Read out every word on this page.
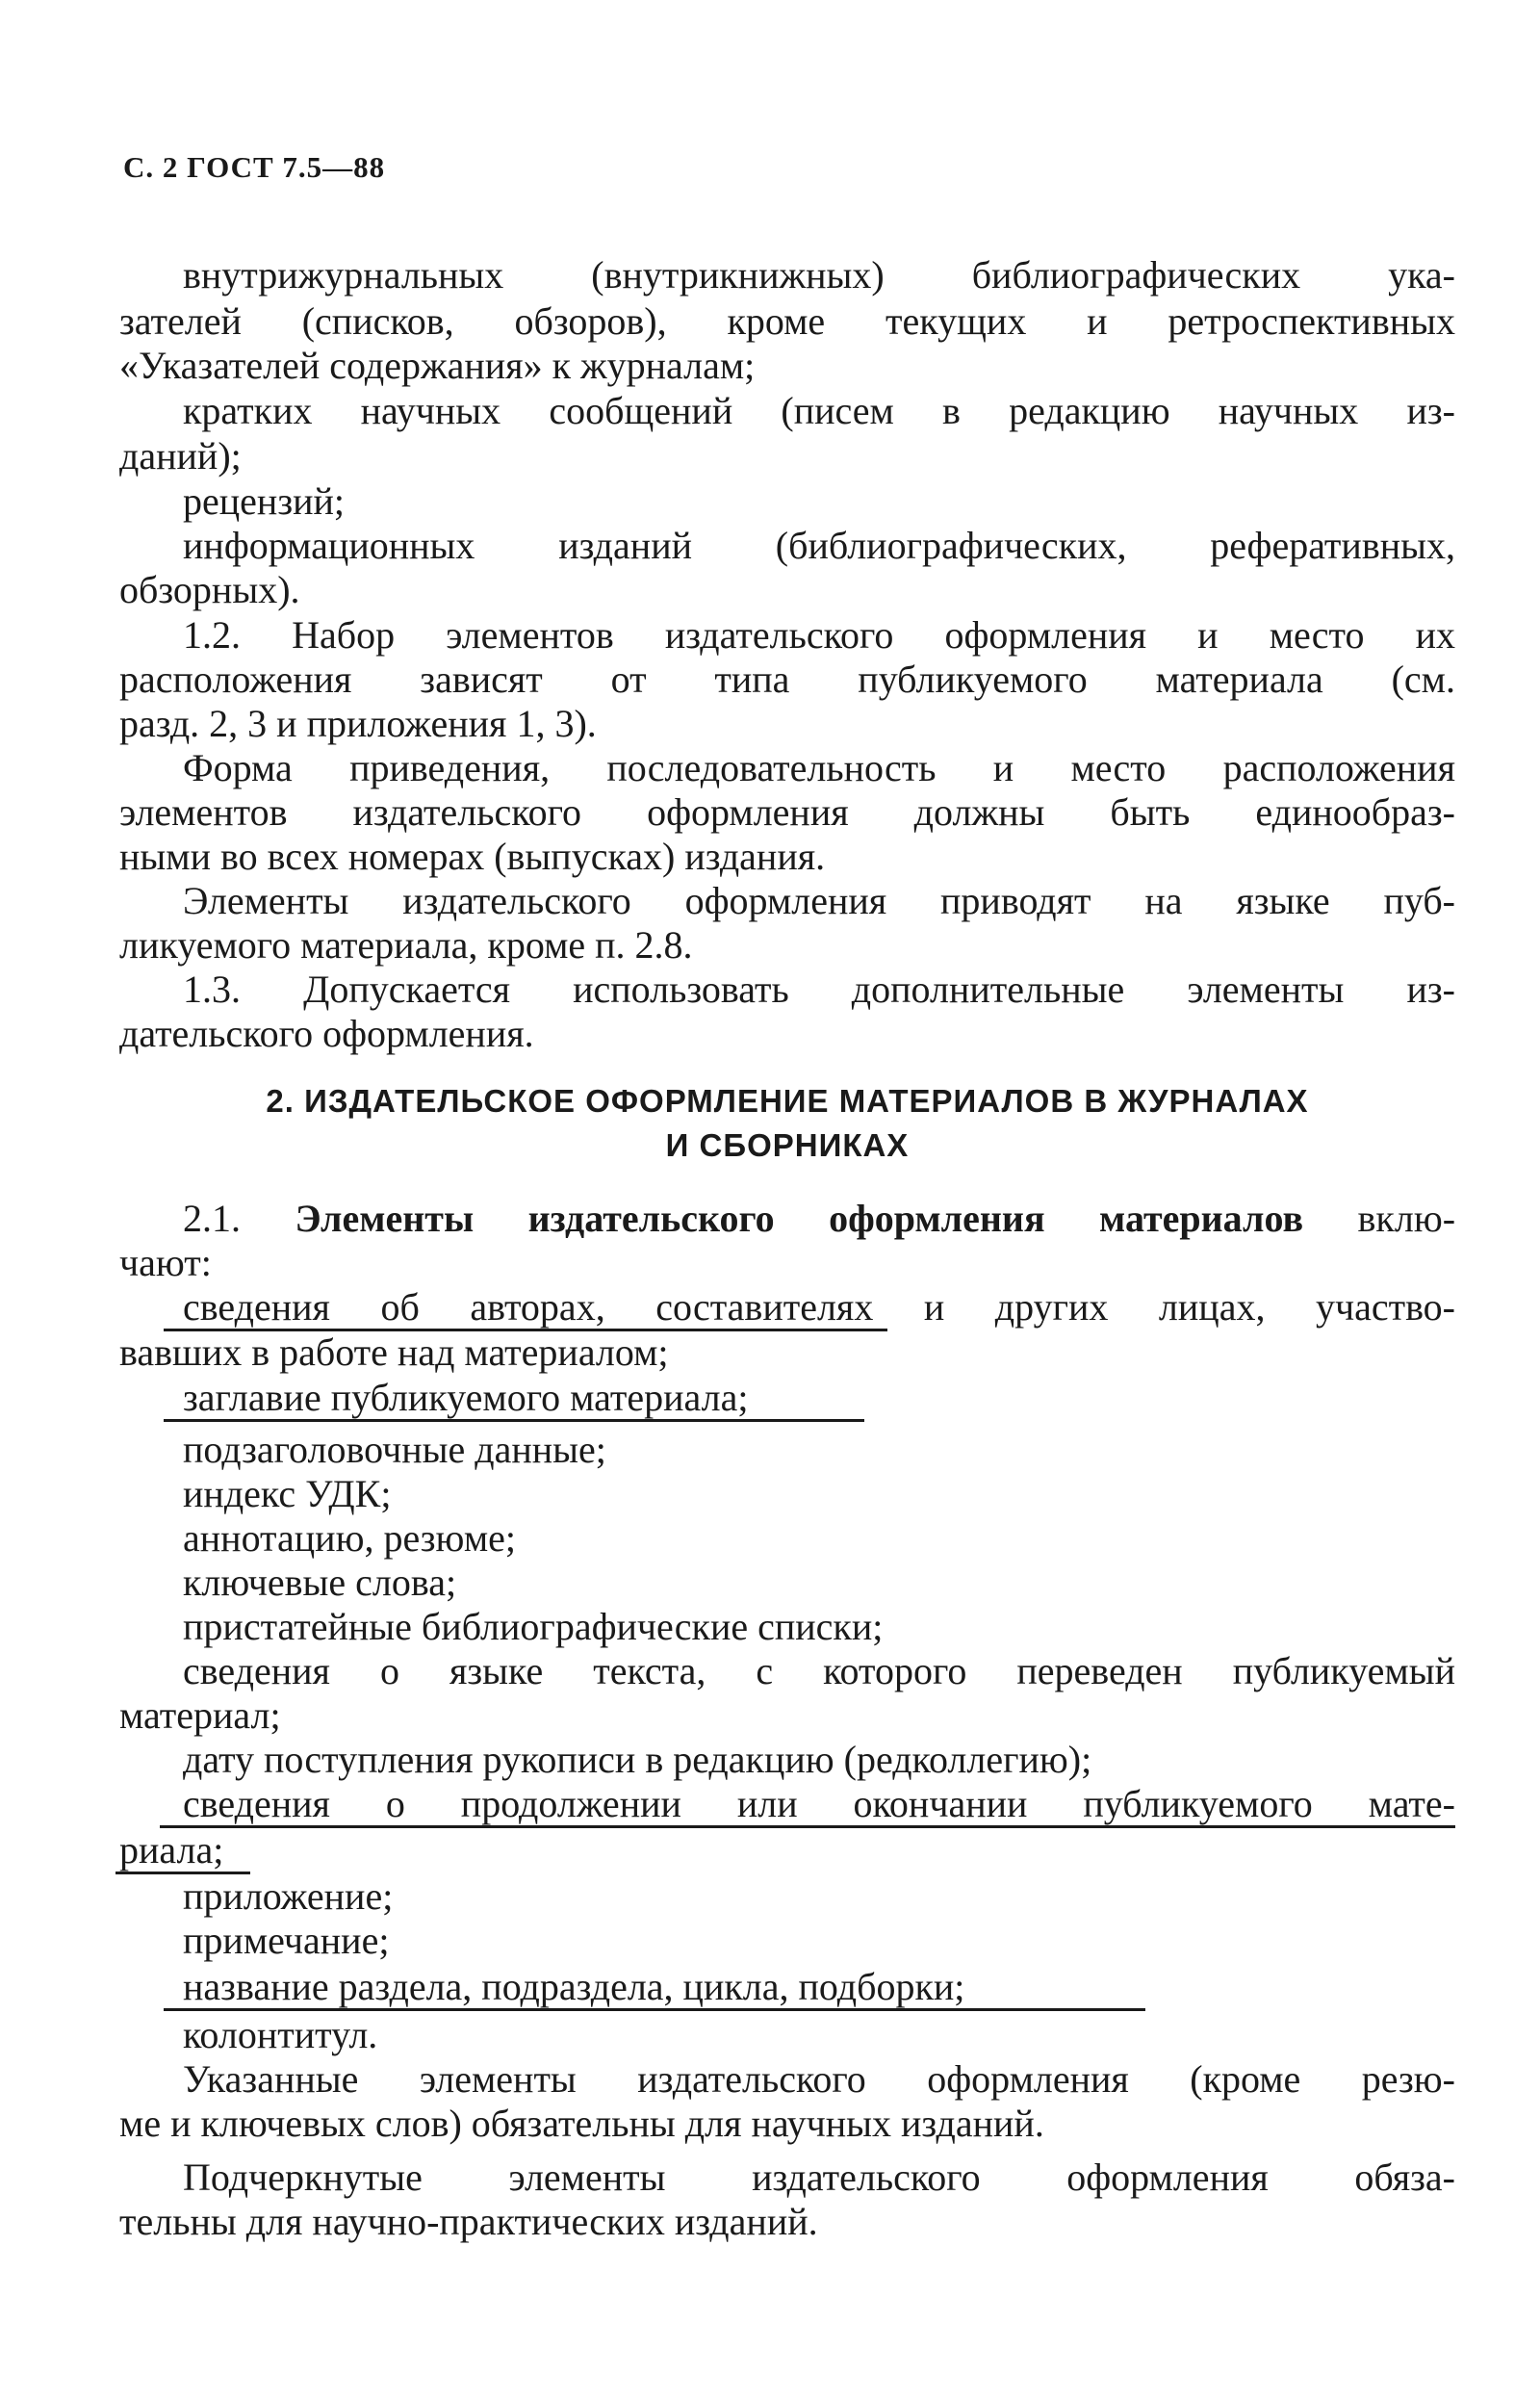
С. 2 ГОСТ 7.5—88
внутрижурнальных (внутрикнижных) библиографических ука-
зателей (списков, обзоров), кроме текущих и ретроспективных
«Указателей содержания» к журналам;
кратких научных сообщений (писем в редакцию научных из-
даний);
рецензий;
информационных изданий (библиографических, реферативных,
обзорных).
1.2. Набор элементов издательского оформления и место их
расположения зависят от типа публикуемого материала (см.
разд. 2, 3 и приложения 1, 3).
Форма приведения, последовательность и место расположения
элементов издательского оформления должны быть единообраз-
ными во всех номерах (выпусках) издания.
Элементы издательского оформления приводят на языке пуб-
ликуемого материала, кроме п. 2.8.
1.3. Допускается использовать дополнительные элементы из-
дательского оформления.
2. ИЗДАТЕЛЬСКОЕ ОФОРМЛЕНИЕ МАТЕРИАЛОВ В ЖУРНАЛАХ
И СБОРНИКАХ
2.1. Элементы издательского оформления материалов вклю-
чают:
сведения об авторах, составителях и других лицах, участво-
вавших в работе над материалом;
заглавие публикуемого материала;
подзаголовочные данные;
индекс УДК;
аннотацию, резюме;
ключевые слова;
пристатейные библиографические списки;
сведения о языке текста, с которого переведен публикуемый
материал;
дату поступления рукописи в редакцию (редколлегию);
сведения о продолжении или окончании публикуемого мате-
риала;
приложение;
примечание;
название раздела, подраздела, цикла, подборки;
колонтитул.
Указанные элементы издательского оформления (кроме резю-
ме и ключевых слов) обязательны для научных изданий.
Подчеркнутые элементы издательского оформления обяза-
тельны для научно-практических изданий.
